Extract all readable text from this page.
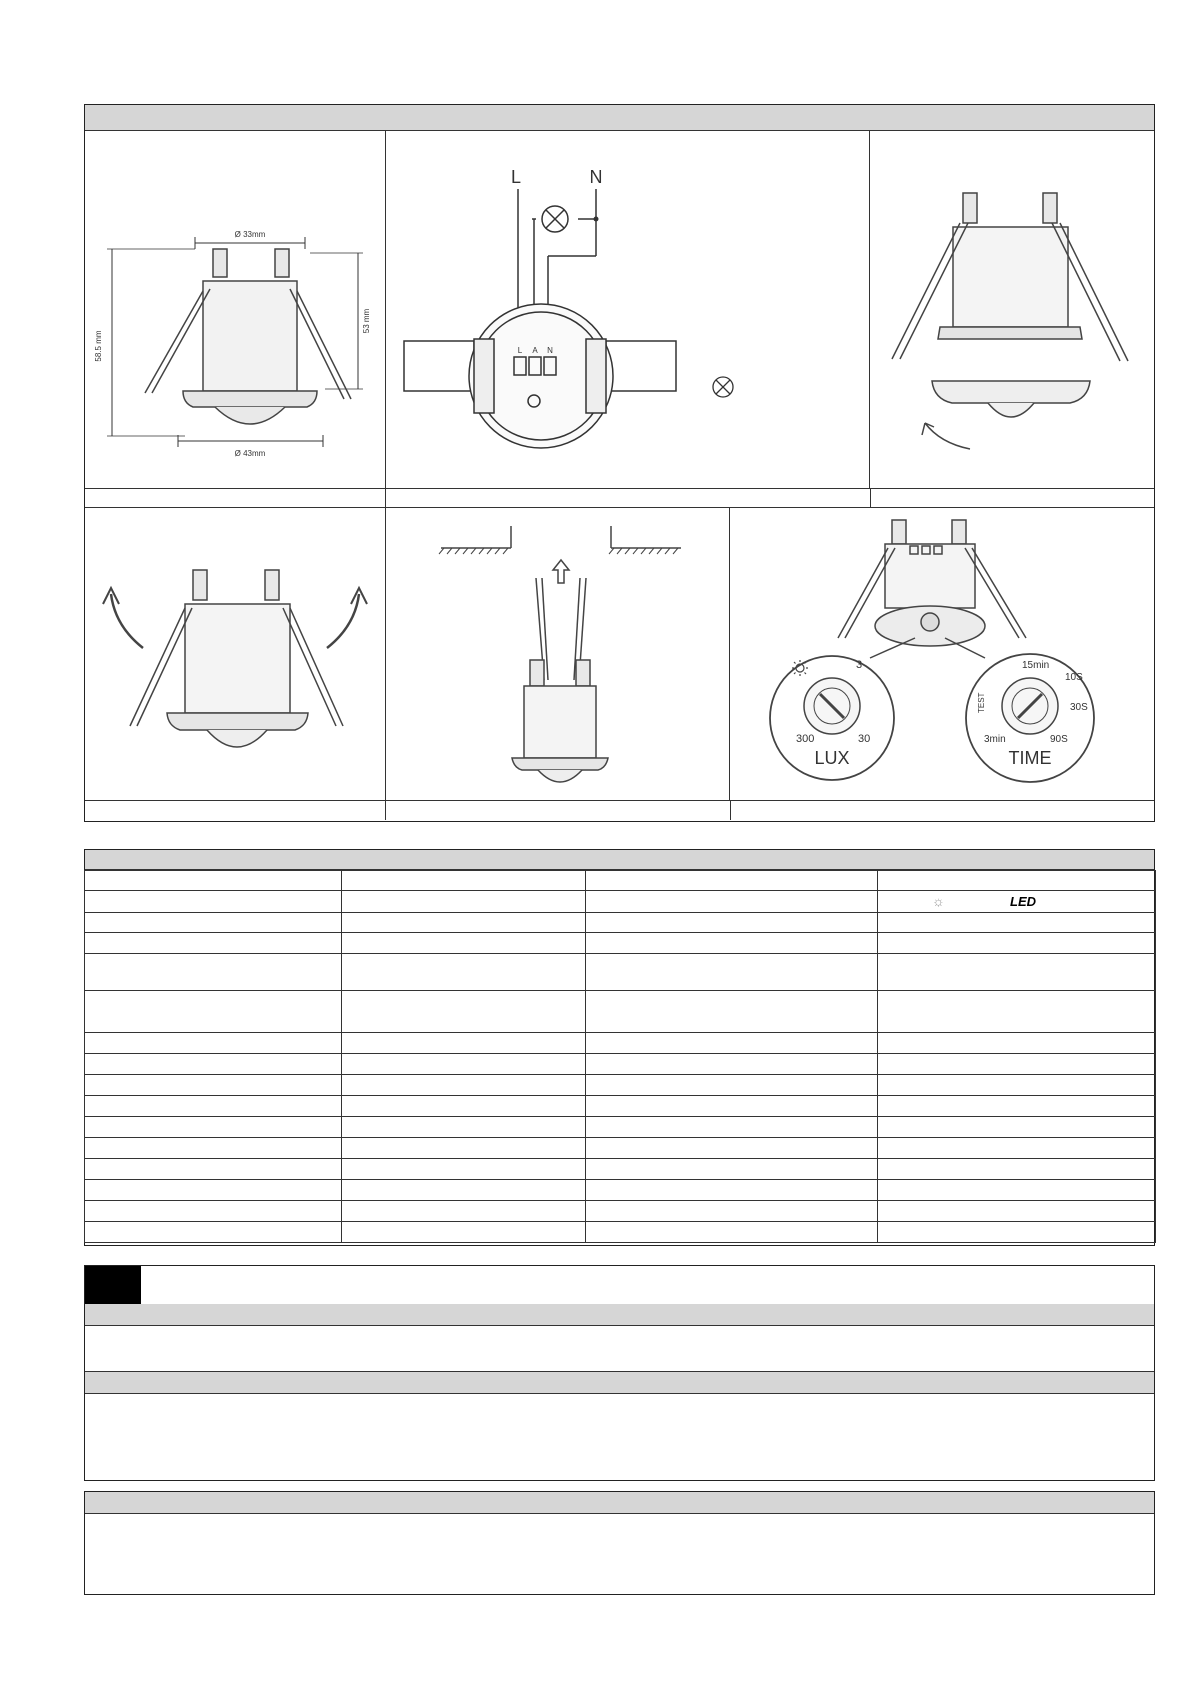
Ø 33mm
58.5 mm
53 mm
Ø 43mm
L	N
L A N
3
300	30
LUX
15min
10S
30S
90S
3min
TEST
TIME

			☼ LED
